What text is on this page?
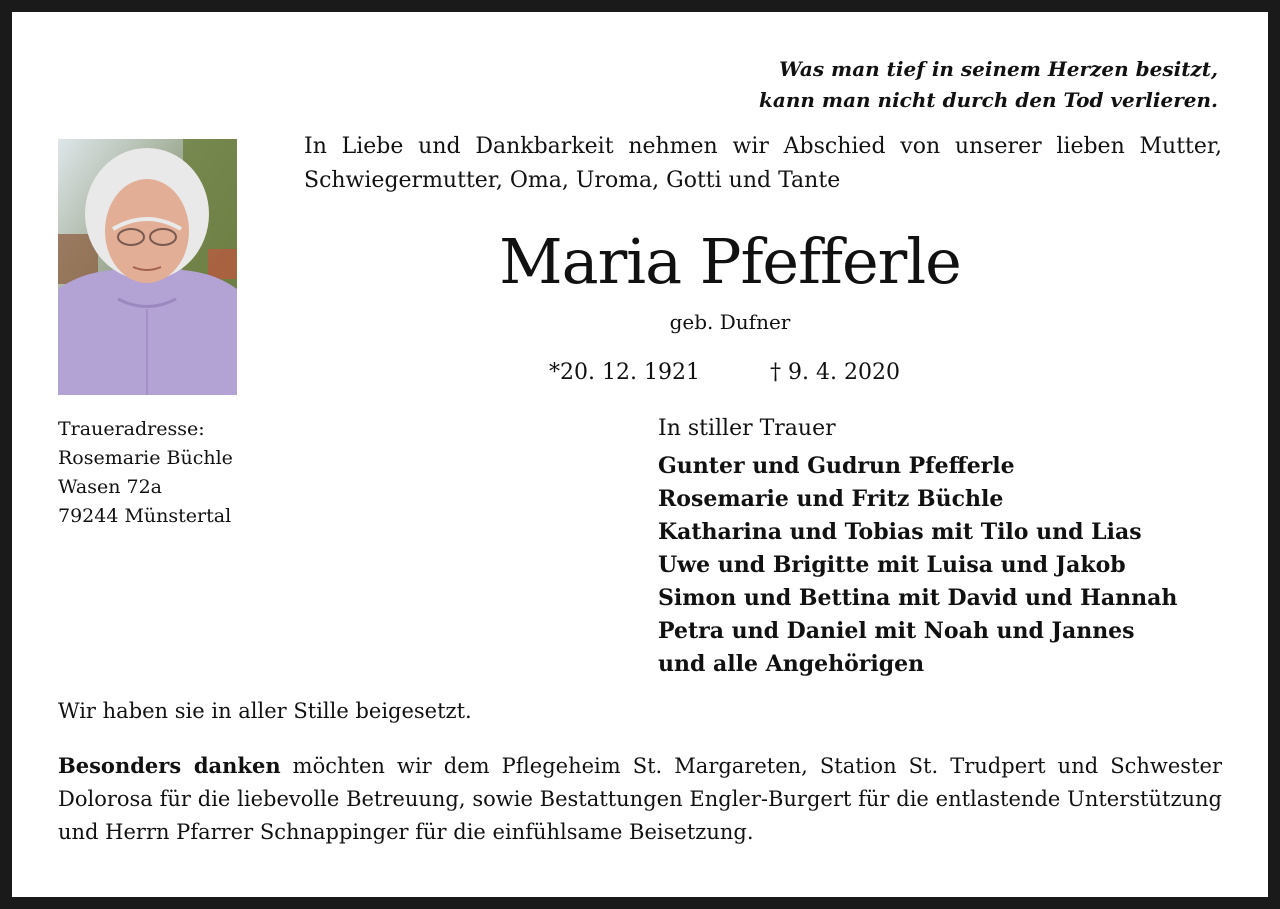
Was man tief in seinem Herzen besitzt,
kann man nicht durch den Tod verlieren.
In Liebe und Dankbarkeit nehmen wir Abschied von unserer lieben Mutter, Schwiegermutter, Oma, Uroma, Gotti und Tante
Maria Pfefferle
geb. Dufner
*20. 12. 1921	† 9. 4. 2020
Traueradresse:
Rosemarie Büchle
Wasen 72a
79244 Münstertal
In stiller Trauer
Gunter und Gudrun Pfefferle
Rosemarie und Fritz Büchle
Katharina und Tobias mit Tilo und Lias
Uwe und Brigitte mit Luisa und Jakob
Simon und Bettina mit David und Hannah
Petra und Daniel mit Noah und Jannes
und alle Angehörigen
Wir haben sie in aller Stille beigesetzt.
Besonders danken möchten wir dem Pflegeheim St. Margareten, Station St. Trudpert und Schwester Dolorosa für die liebevolle Betreuung, sowie Bestattungen Engler-Burgert für die entlastende Unterstützung und Herrn Pfarrer Schnappinger für die einfühlsame Beisetzung.
